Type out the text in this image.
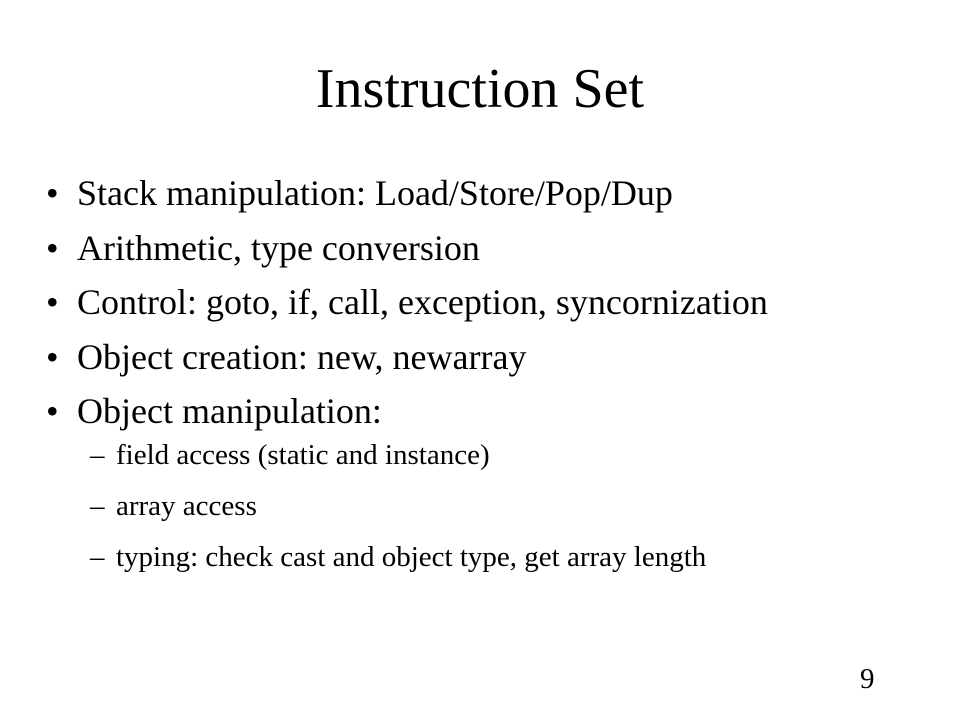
Instruction Set
• Stack manipulation: Load/Store/Pop/Dup
• Arithmetic, type conversion
• Control: goto, if, call, exception, syncornization
• Object creation: new, newarray
• Object manipulation:
– field access (static and instance)
– array access
– typing: check cast and object type, get array length
9
